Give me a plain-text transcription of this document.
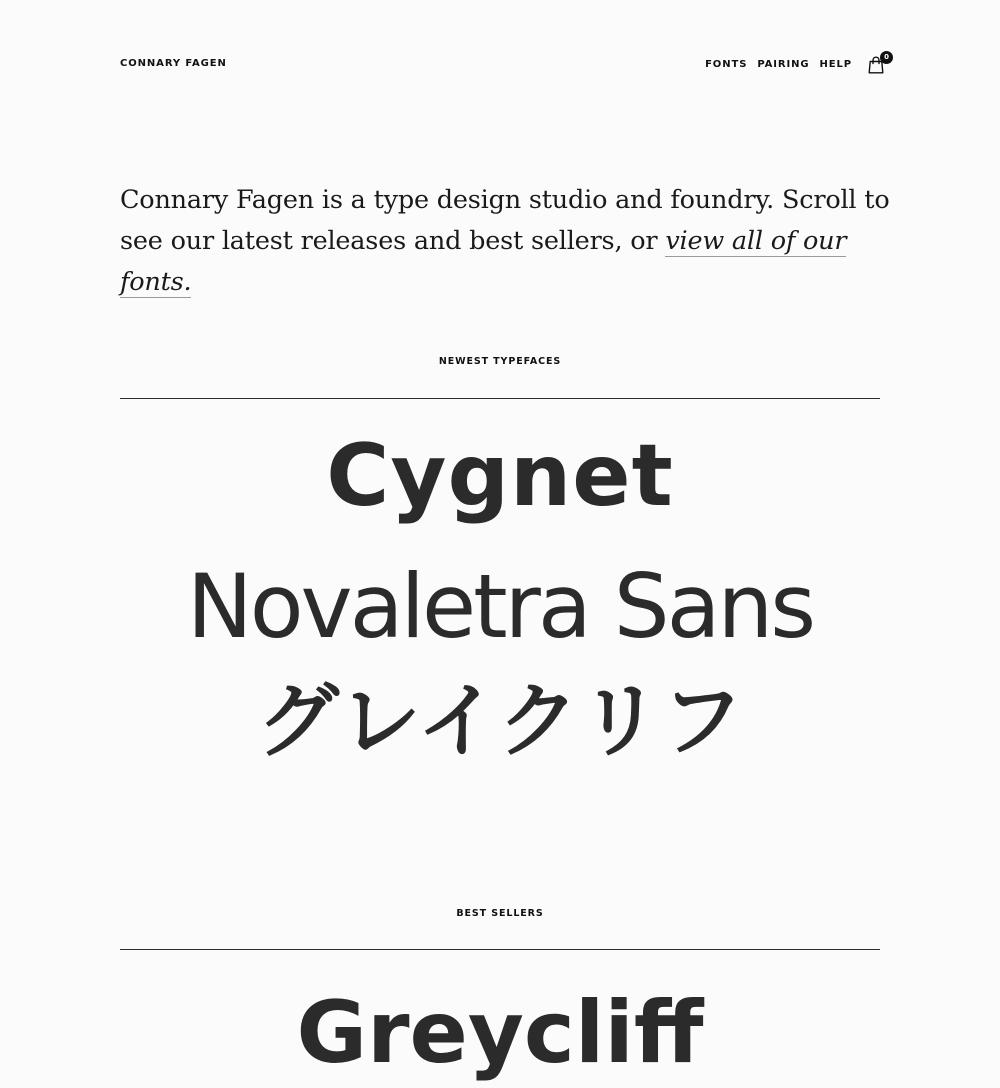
CONNARY FAGEN	FONTS PAIRING HELP
0

Connary Fagen is a type design studio and foundry. Scroll to see our latest releases and best sellers, or view all of our fonts.

NEWEST TYPEFACES
Cygnet
Novaletra Sans
グレイクリフ
BEST SELLERS
Greycliff
